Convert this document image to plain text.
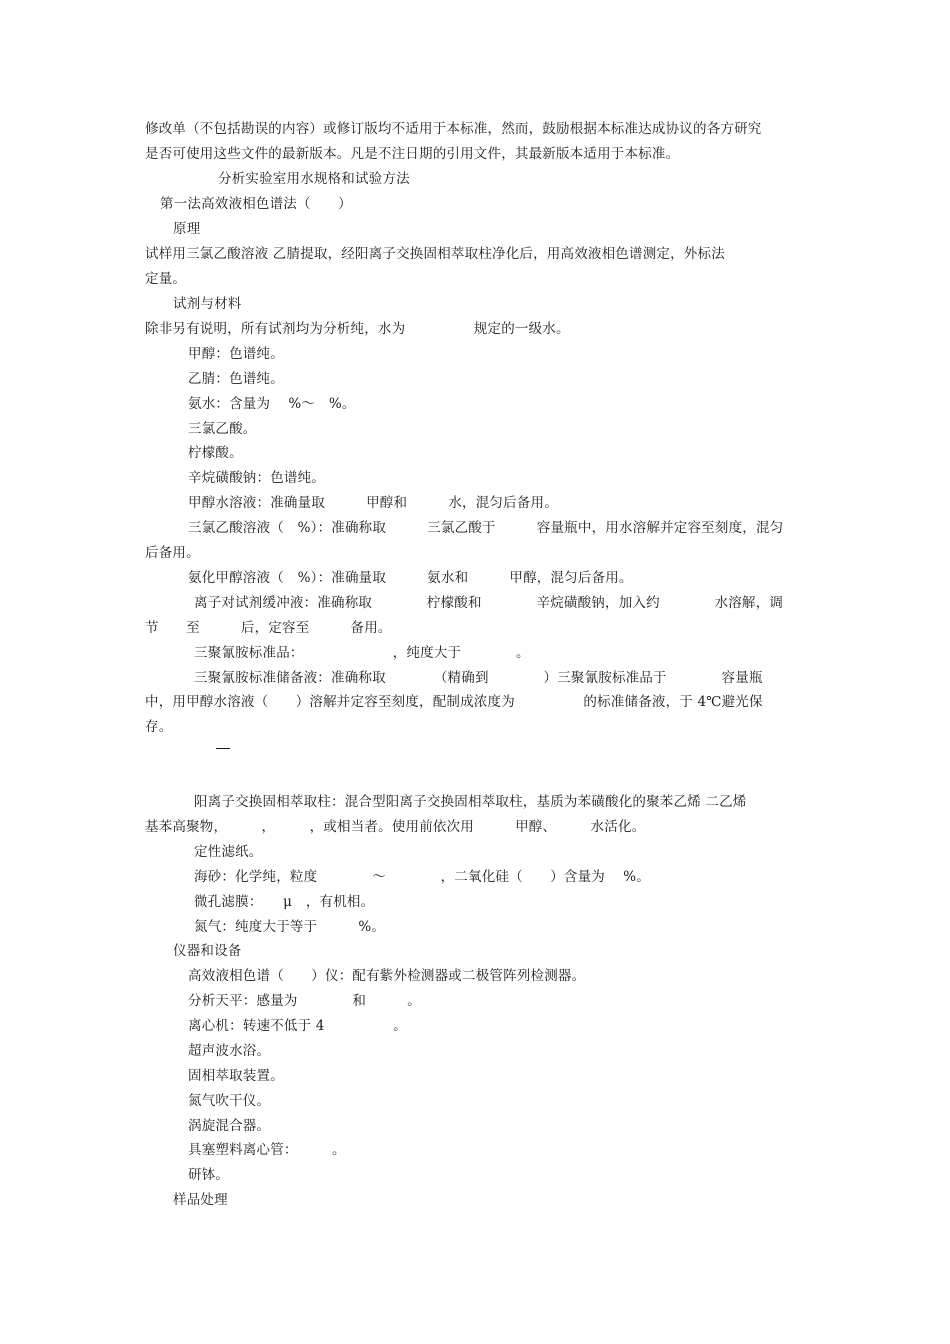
修改单（不包括勘误的内容）或修订版均不适用于本标准，然而，鼓励根据本标准达成协议的各方研究
是否可使用这些文件的最新版本。凡是不注日期的引用文件，其最新版本适用于本标准。
分析实验室用水规格和试验方法
第一法高效液相色谱法（　　）
原理
试样用三氯乙酸溶液 乙腈提取，经阳离子交换固相萃取柱净化后，用高效液相色谱测定，外标法
定量。
试剂与材料
除非另有说明，所有试剂均为分析纯，水为　　　　　规定的一级水。
甲醇：色谱纯。
乙腈：色谱纯。
氨水：含量为　 %～　%。
三氯乙酸。
柠檬酸。
辛烷磺酸钠：色谱纯。
甲醇水溶液：准确量取　　　甲醇和　　　水，混匀后备用。
三氯乙酸溶液（　%）：准确称取　　　三氯乙酸于　　　容量瓶中，用水溶解并定容至刻度，混匀
后备用。
氨化甲醇溶液（　%）：准确量取　　　氨水和　　　甲醇，混匀后备用。
离子对试剂缓冲液：准确称取　　　　柠檬酸和　　　　辛烷磺酸钠，加入约　　　　水溶解，调
节　　至　　　后，定容至　　　备用。
三聚氰胺标准品：　　　　　　　，纯度大于　　　　。
三聚氰胺标准储备液：准确称取　　　　（精确到　　　　）三聚氰胺标准品于　　　　容量瓶
中，用甲醇水溶液（　　）溶解并定容至刻度，配制成浓度为　　　　　的标准储备液，于 4℃避光保
存。
阳离子交换固相萃取柱：混合型阳离子交换固相萃取柱，基质为苯磺酸化的聚苯乙烯 二乙烯
基苯高聚物，　　　，　　　，或相当者。使用前依次用　　　甲醇、　　　水活化。
定性滤纸。
海砂：化学纯，粒度　　　　～　　　　，二氧化硅（　　）含量为　 %。
微孔滤膜：　　μ　，有机相。
氮气：纯度大于等于　　　%。
仪器和设备
高效液相色谱（　　）仪：配有紫外检测器或二极管阵列检测器。
分析天平：感量为　　　　和　　　。
离心机：转速不低于 4　　　　　。
超声波水浴。
固相萃取装置。
氮气吹干仪。
涡旋混合器。
具塞塑料离心管：　　　。
研钵。
样品处理
